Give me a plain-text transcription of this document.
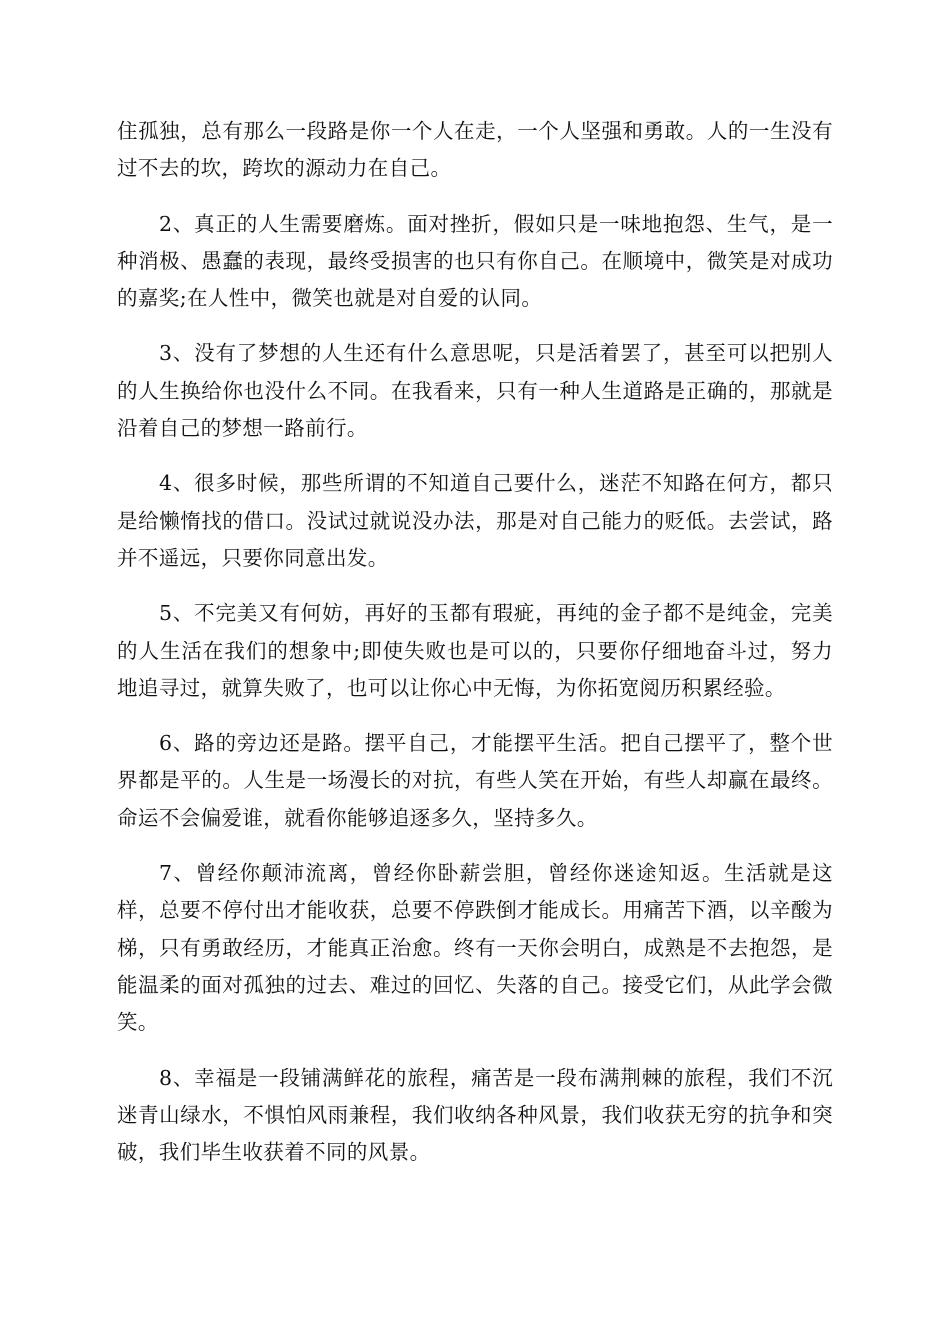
住孤独，总有那么一段路是你一个人在走，一个人坚强和勇敢。人的一生没有过不去的坎，跨坎的源动力在自己。

2、真正的人生需要磨炼。面对挫折，假如只是一味地抱怨、生气，是一种消极、愚蠢的表现，最终受损害的也只有你自己。在顺境中，微笑是对成功的嘉奖;在人性中，微笑也就是对自爱的认同。

3、没有了梦想的人生还有什么意思呢，只是活着罢了，甚至可以把别人的人生换给你也没什么不同。在我看来，只有一种人生道路是正确的，那就是沿着自己的梦想一路前行。

4、很多时候，那些所谓的不知道自己要什么，迷茫不知路在何方，都只是给懒惰找的借口。没试过就说没办法，那是对自己能力的贬低。去尝试，路并不遥远，只要你同意出发。

5、不完美又有何妨，再好的玉都有瑕疵，再纯的金子都不是纯金，完美的人生活在我们的想象中;即使失败也是可以的，只要你仔细地奋斗过，努力地追寻过，就算失败了，也可以让你心中无悔，为你拓宽阅历积累经验。

6、路的旁边还是路。摆平自己，才能摆平生活。把自己摆平了，整个世界都是平的。人生是一场漫长的对抗，有些人笑在开始，有些人却赢在最终。命运不会偏爱谁，就看你能够追逐多久，坚持多久。

7、曾经你颠沛流离，曾经你卧薪尝胆，曾经你迷途知返。生活就是这样，总要不停付出才能收获，总要不停跌倒才能成长。用痛苦下酒，以辛酸为梯，只有勇敢经历，才能真正治愈。终有一天你会明白，成熟是不去抱怨，是能温柔的面对孤独的过去、难过的回忆、失落的自己。接受它们，从此学会微笑。

8、幸福是一段铺满鲜花的旅程，痛苦是一段布满荆棘的旅程，我们不沉迷青山绿水，不惧怕风雨兼程，我们收纳各种风景，我们收获无穷的抗争和突破，我们毕生收获着不同的风景。
